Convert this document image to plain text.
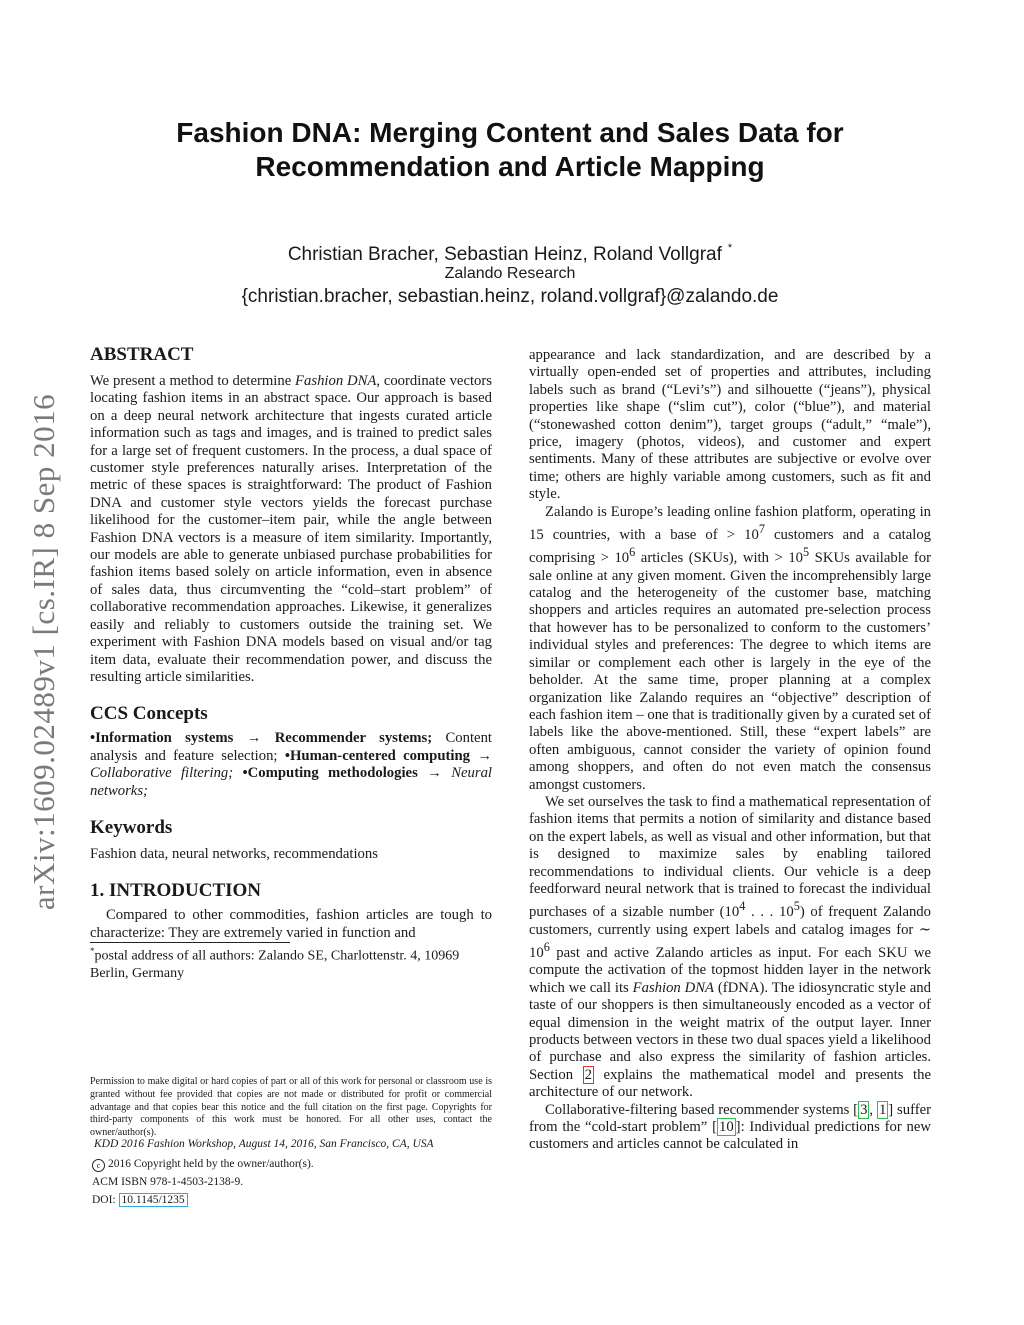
arXiv:1609.02489v1 [cs.IR] 8 Sep 2016
Fashion DNA: Merging Content and Sales Data for
Recommendation and Article Mapping
Christian Bracher, Sebastian Heinz, Roland Vollgraf *
Zalando Research
{christian.bracher, sebastian.heinz, roland.vollgraf}@zalando.de
ABSTRACT

We present a method to determine Fashion DNA, coordinate vectors locating fashion items in an abstract space. Our approach is based on a deep neural network architecture that ingests curated article information such as tags and images, and is trained to predict sales for a large set of frequent customers. In the process, a dual space of customer style preferences naturally arises. Interpretation of the metric of these spaces is straightforward: The product of Fashion DNA and customer style vectors yields the forecast purchase likelihood for the customer–item pair, while the angle between Fashion DNA vectors is a measure of item similarity. Importantly, our models are able to generate unbiased purchase probabilities for fashion items based solely on article information, even in absence of sales data, thus circumventing the “cold–start problem” of collaborative recommendation approaches. Likewise, it generalizes easily and reliably to customers outside the training set. We experiment with Fashion DNA models based on visual and/or tag item data, evaluate their recommendation power, and discuss the resulting article similarities.

CCS Concepts

•Information systems → Recommender systems; Content analysis and feature selection; •Human-centered computing → Collaborative filtering; •Computing methodologies → Neural networks;

Keywords

Fashion data, neural networks, recommendations

1. INTRODUCTION

Compared to other commodities, fashion articles are tough to characterize: They are extremely varied in function and

*postal address of all authors: Zalando SE, Charlottenstr. 4, 10969 Berlin, Germany

Permission to make digital or hard copies of part or all of this work for personal or classroom use is granted without fee provided that copies are not made or distributed for profit or commercial advantage and that copies bear this notice and the full citation on the first page. Copyrights for third-party components of this work must be honored. For all other uses, contact the owner/author(s).

KDD 2016 Fashion Workshop, August 14, 2016, San Francisco, CA, USA
c 2016 Copyright held by the owner/author(s).
ACM ISBN 978-1-4503-2138-9.
DOI: 10.1145/1235

appearance and lack standardization, and are described by a virtually open-ended set of properties and attributes, including labels such as brand (“Levi’s”) and silhouette (“jeans”), physical properties like shape (“slim cut”), color (“blue”), and material (“stonewashed cotton denim”), target groups (“adult,” “male”), price, imagery (photos, videos), and customer and expert sentiments. Many of these attributes are subjective or evolve over time; others are highly variable among customers, such as fit and style.

Zalando is Europe’s leading online fashion platform, operating in 15 countries, with a base of > $10^7$ customers and a catalog comprising > $10^6$ articles (SKUs), with > $10^5$ SKUs available for sale online at any given moment. Given the incomprehensibly large catalog and the heterogeneity of the customer base, matching shoppers and articles requires an automated pre-selection process that however has to be personalized to conform to the customers’ individual styles and preferences: The degree to which items are similar or complement each other is largely in the eye of the beholder. At the same time, proper planning at a complex organization like Zalando requires an “objective” description of each fashion item – one that is traditionally given by a curated set of labels like the above-mentioned. Still, these “expert labels” are often ambiguous, cannot consider the variety of opinion found among shoppers, and often do not even match the consensus amongst customers.

We set ourselves the task to find a mathematical representation of fashion items that permits a notion of similarity and distance based on the expert labels, as well as visual and other information, but that is designed to maximize sales by enabling tailored recommendations to individual clients. Our vehicle is a deep feedforward neural network that is trained to forecast the individual purchases of a sizable number ($10^4$ . . . $10^5$) of frequent Zalando customers, currently using expert labels and catalog images for ∼ $10^6$ past and active Zalando articles as input. For each SKU we compute the activation of the topmost hidden layer in the network which we call its Fashion DNA (fDNA). The idiosyncratic style and taste of our shoppers is then simultaneously encoded as a vector of equal dimension in the weight matrix of the output layer. Inner products between vectors in these two dual spaces yield a likelihood of purchase and also express the similarity of fashion articles. Section 2 explains the mathematical model and presents the architecture of our network.

Collaborative-filtering based recommender systems [ 3 , 1 ] suffer from the “cold-start problem” [ 10 ]: Individual predictions for new customers and articles cannot be calculated in
